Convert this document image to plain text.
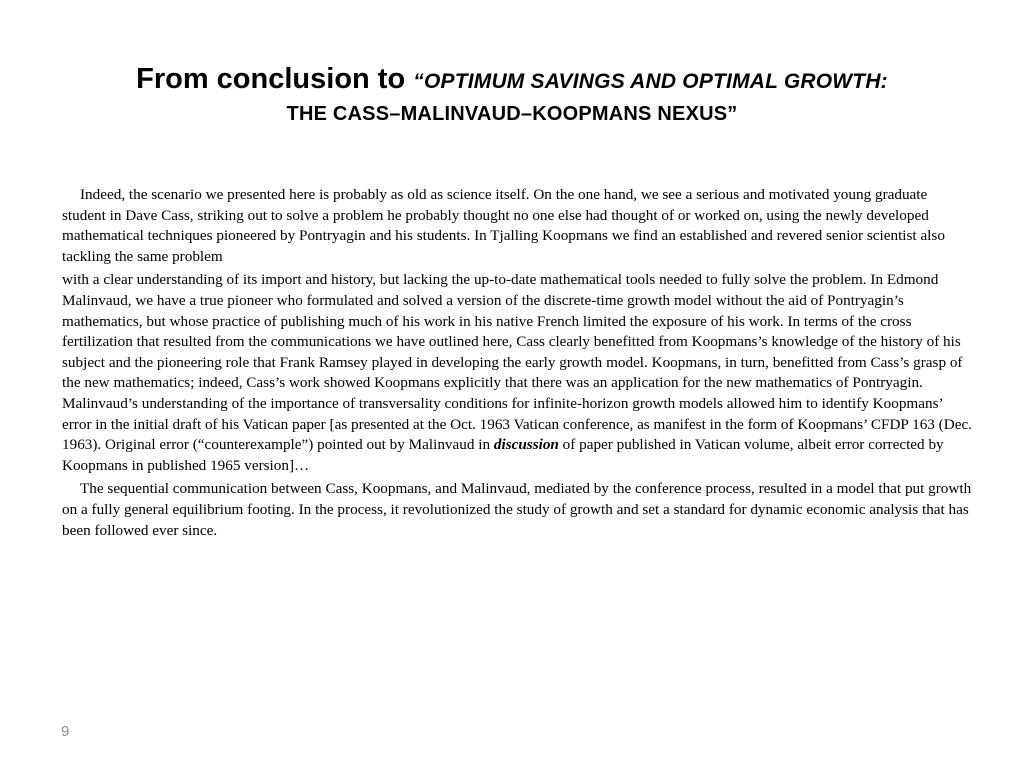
From conclusion to “OPTIMUM SAVINGS AND OPTIMAL GROWTH:
THE CASS–MALINVAUD–KOOPMANS NEXUS”

Indeed, the scenario we presented here is probably as old as science itself. On the one hand, we see a serious and motivated young graduate student in Dave Cass, striking out to solve a problem he probably thought no one else had thought of or worked on, using the newly developed mathematical techniques pioneered by Pontryagin and his students. In Tjalling Koopmans we find an established and revered senior scientist also tackling the same problem

with a clear understanding of its import and history, but lacking the up-to-date mathematical tools needed to fully solve the problem. In Edmond Malinvaud, we have a true pioneer who formulated and solved a version of the discrete-time growth model without the aid of Pontryagin’s mathematics, but whose practice of publishing much of his work in his native French limited the exposure of his work. In terms of the cross fertilization that resulted from the communications we have outlined here, Cass clearly benefitted from Koopmans’s knowledge of the history of his subject and the pioneering role that Frank Ramsey played in developing the early growth model. Koopmans, in turn, benefitted from Cass’s grasp of the new mathematics; indeed, Cass’s work showed Koopmans explicitly that there was an application for the new mathematics of Pontryagin. Malinvaud’s understanding of the importance of transversality conditions for infinite-horizon growth models allowed him to identify Koopmans’ error in the initial draft of his Vatican paper [as presented at the Oct. 1963 Vatican conference, as manifest in the form of Koopmans’ CFDP 163 (Dec. 1963). Original error (“counterexample”) pointed out by Malinvaud in discussion of paper published in Vatican volume, albeit error corrected by Koopmans in published 1965 version]…

The sequential communication between Cass, Koopmans, and Malinvaud, mediated by the conference process, resulted in a model that put growth on a fully general equilibrium footing. In the process, it revolutionized the study of growth and set a standard for dynamic economic analysis that has been followed ever since.

9
